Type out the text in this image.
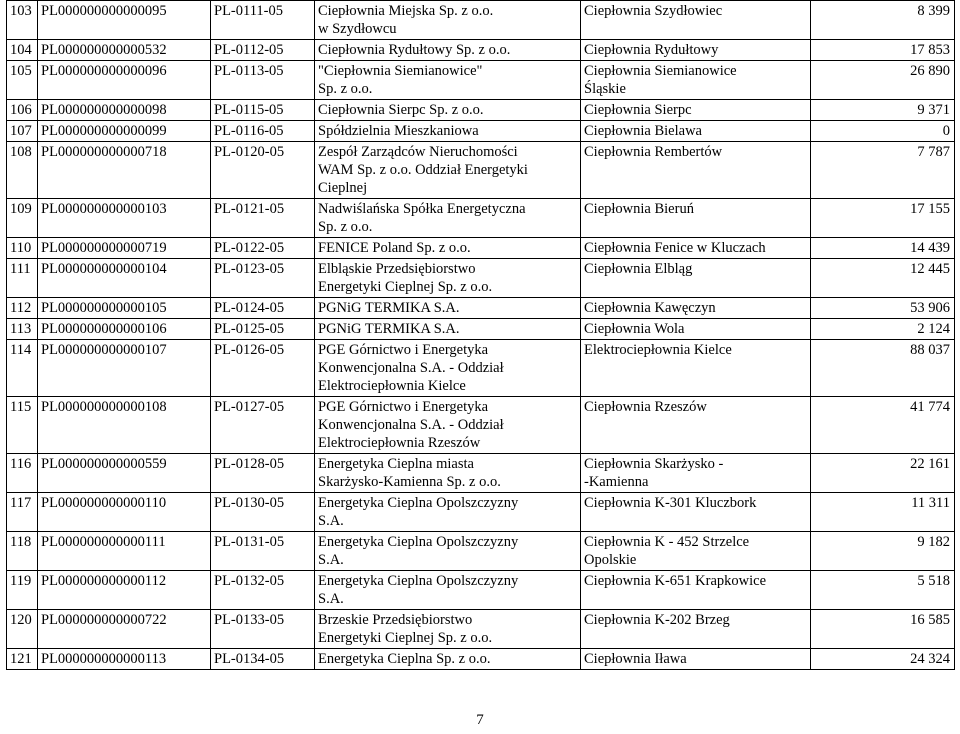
103	PL000000000000095	PL-0111-05	Ciepłownia Miejska Sp. z o.o.
w Szydłowcu	Ciepłownia Szydłowiec	8 399
104	PL000000000000532	PL-0112-05	Ciepłownia Rydułtowy Sp. z o.o.	Ciepłownia Rydułtowy	17 853
105	PL000000000000096	PL-0113-05	"Ciepłownia Siemianowice"
Sp. z o.o.	Ciepłownia Siemianowice
Śląskie	26 890
106	PL000000000000098	PL-0115-05	Ciepłownia Sierpc Sp. z o.o.	Ciepłownia Sierpc	9 371
107	PL000000000000099	PL-0116-05	Spółdzielnia Mieszkaniowa	Ciepłownia Bielawa	0
108	PL000000000000718	PL-0120-05	Zespół Zarządców Nieruchomości
WAM Sp. z o.o. Oddział Energetyki
Cieplnej	Ciepłownia Rembertów	7 787
109	PL000000000000103	PL-0121-05	Nadwiślańska Spółka Energetyczna
Sp. z o.o.	Ciepłownia Bieruń	17 155
110	PL000000000000719	PL-0122-05	FENICE Poland Sp. z o.o.	Ciepłownia Fenice w Kluczach	14 439
111	PL000000000000104	PL-0123-05	Elbląskie Przedsiębiorstwo
Energetyki Cieplnej Sp. z o.o.	Ciepłownia Elbląg	12 445
112	PL000000000000105	PL-0124-05	PGNiG TERMIKA S.A.	Ciepłownia Kawęczyn	53 906
113	PL000000000000106	PL-0125-05	PGNiG TERMIKA S.A.	Ciepłownia Wola	2 124
114	PL000000000000107	PL-0126-05	PGE Górnictwo i Energetyka
Konwencjonalna S.A. - Oddział
Elektrociepłownia Kielce	Elektrociepłownia Kielce	88 037
115	PL000000000000108	PL-0127-05	PGE Górnictwo i Energetyka
Konwencjonalna S.A. - Oddział
Elektrociepłownia Rzeszów	Ciepłownia Rzeszów	41 774
116	PL000000000000559	PL-0128-05	Energetyka Cieplna miasta
Skarżysko-Kamienna Sp. z o.o.	Ciepłownia Skarżysko -
-Kamienna	22 161
117	PL000000000000110	PL-0130-05	Energetyka Cieplna Opolszczyzny
S.A.	Ciepłownia K-301 Kluczbork	11 311
118	PL000000000000111	PL-0131-05	Energetyka Cieplna Opolszczyzny
S.A.	Ciepłownia K - 452 Strzelce
Opolskie	9 182
119	PL000000000000112	PL-0132-05	Energetyka Cieplna Opolszczyzny
S.A.	Ciepłownia K-651 Krapkowice	5 518
120	PL000000000000722	PL-0133-05	Brzeskie Przedsiębiorstwo
Energetyki Cieplnej Sp. z o.o.	Ciepłownia K-202 Brzeg	16 585
121	PL000000000000113	PL-0134-05	Energetyka Cieplna Sp. z o.o.	Ciepłownia Iława	24 324
7
